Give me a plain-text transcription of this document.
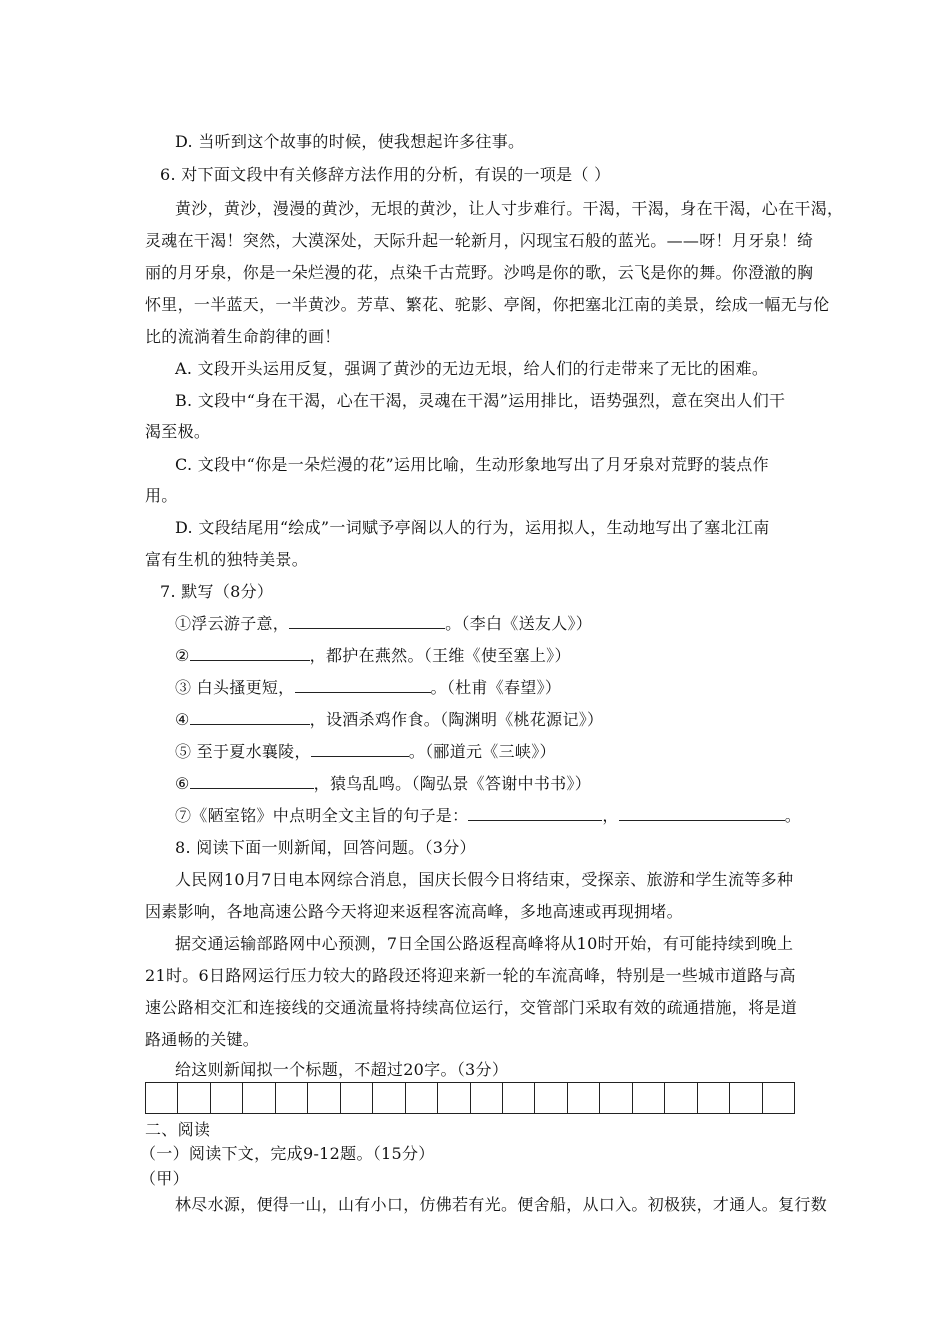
D. 当听到这个故事的时候，使我想起许多往事。
6. 对下面文段中有关修辞方法作用的分析，有误的一项是（ ）
黄沙，黄沙，漫漫的黄沙，无垠的黄沙，让人寸步难行。干渴，干渴，身在干渴，心在干渴，
灵魂在干渴！突然，大漠深处，天际升起一轮新月，闪现宝石般的蓝光。——呀！月牙泉！绮
丽的月牙泉，你是一朵烂漫的花，点染千古荒野。沙鸣是你的歌，云飞是你的舞。你澄澈的胸
怀里，一半蓝天，一半黄沙。芳草、繁花、驼影、亭阁，你把塞北江南的美景，绘成一幅无与伦
比的流淌着生命韵律的画！
A. 文段开头运用反复，强调了黄沙的无边无垠，给人们的行走带来了无比的困难。
B. 文段中“身在干渴，心在干渴，灵魂在干渴”运用排比，语势强烈，意在突出人们干
渴至极。
C. 文段中“你是一朵烂漫的花”运用比喻，生动形象地写出了月牙泉对荒野的装点作
用。
D. 文段结尾用“绘成”一词赋予亭阁以人的行为，运用拟人，生动地写出了塞北江南
富有生机的独特美景。
7. 默写（8分）
①浮云游子意，	。（李白《送友人》）
②	，都护在燕然。（王维《使至塞上》）
③ 白头搔更短，	。（杜甫《春望》）
④	，设酒杀鸡作食。（陶渊明《桃花源记》）
⑤ 至于夏水襄陵，	。（郦道元《三峡》）
⑥	，猿鸟乱鸣。（陶弘景《答谢中书书》）
⑦《陋室铭》中点明全文主旨的句子是：	，	。
8. 阅读下面一则新闻，回答问题。（3分）
人民网10月7日电本网综合消息，国庆长假今日将结束，受探亲、旅游和学生流等多种
因素影响，各地高速公路今天将迎来返程客流高峰，多地高速或再现拥堵。
据交通运输部路网中心预测，7日全国公路返程高峰将从10时开始，有可能持续到晚上
21时。6日路网运行压力较大的路段还将迎来新一轮的车流高峰，特别是一些城市道路与高
速公路相交汇和连接线的交通流量将持续高位运行，交管部门采取有效的疏通措施，将是道
路通畅的关键。
给这则新闻拟一个标题，不超过20字。（3分）
二、阅读
（一）阅读下文，完成9-12题。（15分）
（甲）
林尽水源，便得一山，山有小口，仿佛若有光。便舍船，从口入。初极狭，才通人。复行数
